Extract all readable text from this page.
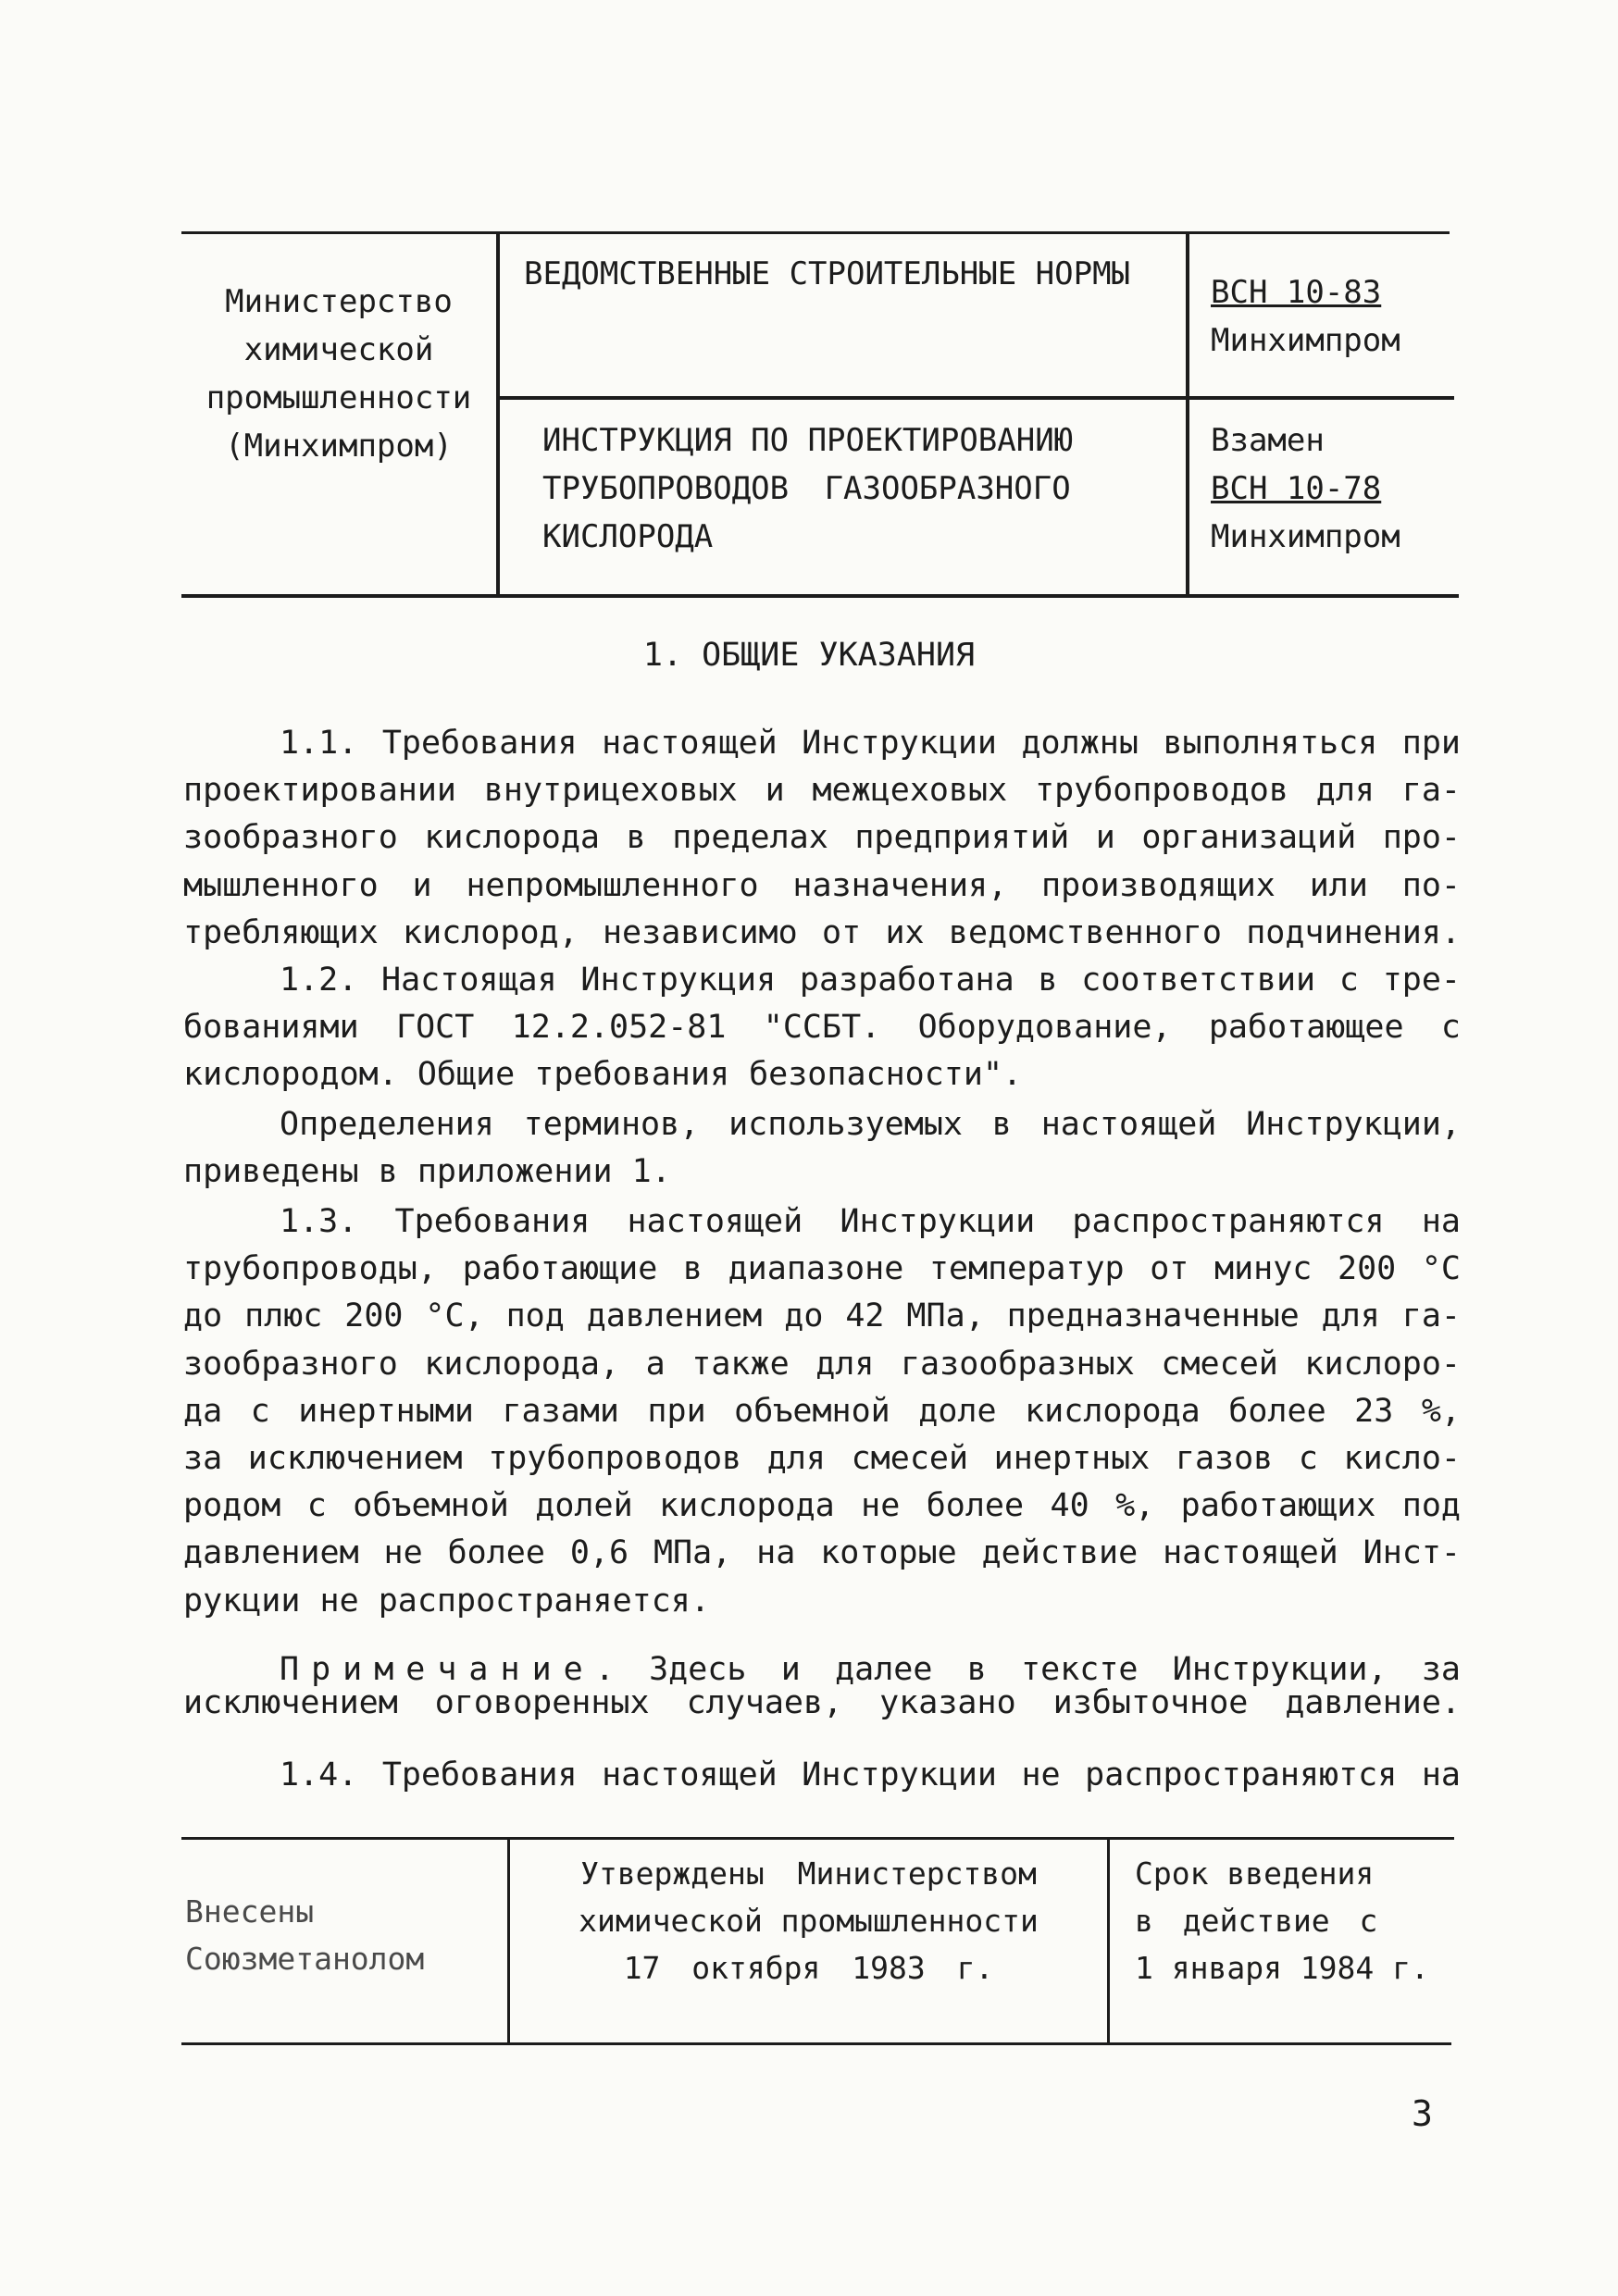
Министерство
химической
промышленности
(Минхимпром)
ВЕДОМСТВЕННЫЕ СТРОИТЕЛЬНЫЕ НОРМЫ	ВСН 10-83
Минхимпром
ИНСТРУКЦИЯ ПО ПРОЕКТИРОВАНИЮ
ТРУБОПРОВОДОВ ГАЗООБРАЗНОГО
КИСЛОРОДА
Взамен
ВСН 10-78
Минхимпром
1. ОБЩИЕ УКАЗАНИЯ
1.1. Требования настоящей Инструкции должны выполняться при
проектировании внутрицеховых и межцеховых трубопроводов для га-
зообразного кислорода в пределах предприятий и организаций про-
мышленного и непромышленного назначения, производящих или по-
требляющих кислород, независимо от их ведомственного подчинения.
1.2. Настоящая Инструкция разработана в соответствии с тре-
бованиями ГОСТ 12.2.052-81 "ССБТ. Оборудование, работающее с
кислородом. Общие требования безопасности".
Определения терминов, используемых в настоящей Инструкции,
приведены в приложении 1.
1.3. Требования настоящей Инструкции распространяются на
трубопроводы, работающие в диапазоне температур от минус 200 °С
до плюс 200 °С, под давлением до 42 МПа, предназначенные для га-
зообразного кислорода, а также для газообразных смесей кислоро-
да с инертными газами при объемной доле кислорода более 23 %,
за исключением трубопроводов для смесей инертных газов с кисло-
родом с объемной долей кислорода не более 40 %, работающих под
давлением не более 0,6 МПа, на которые действие настоящей Инст-
рукции не распространяется.
Примечание. Здесь и далее в тексте Инструкции, за
исключением оговоренных случаев, указано избыточное давление.
1.4. Требования настоящей Инструкции не распространяются на
Внесены
Союзметанолом
Утверждены Министерством
химической промышленности
17 октября 1983 г.
Срок введения
в действие с
1 января 1984 г.
3
